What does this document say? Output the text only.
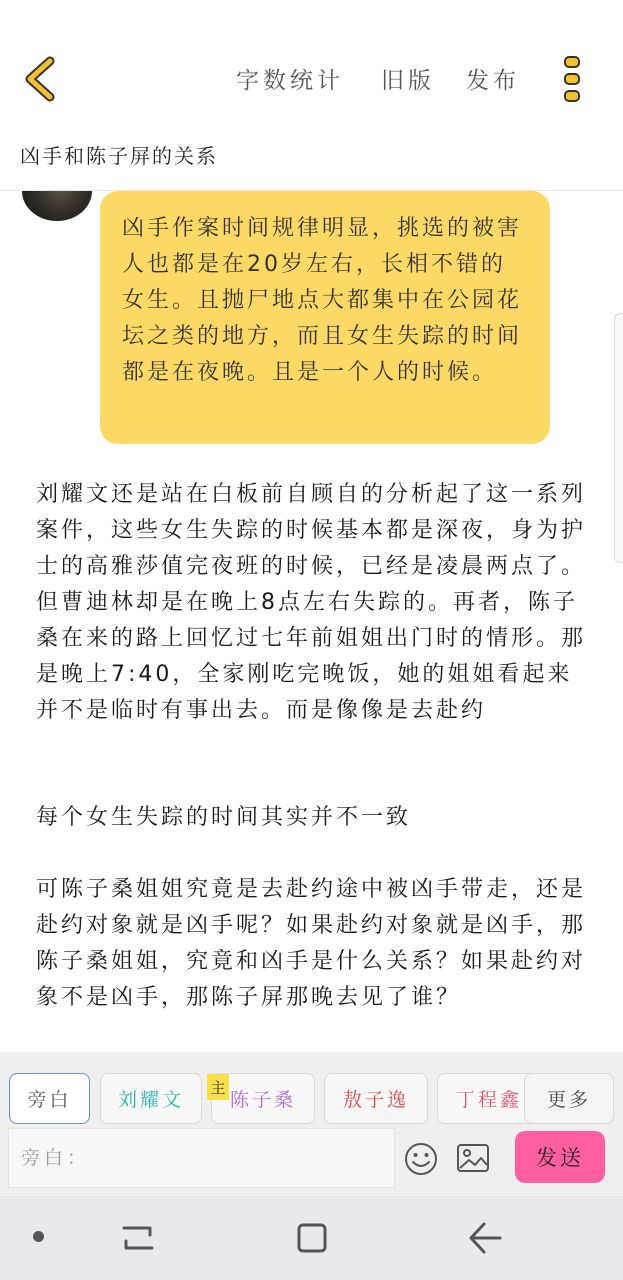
字数统计 旧版 发布
凶手和陈子屏的关系
凶手作案时间规律明显，挑选的被害人也都是在20岁左右，长相不错的女生。且抛尸地点大都集中在公园花坛之类的地方，而且女生失踪的时间都是在夜晚。且是一个人的时候。
刘耀文还是站在白板前自顾自的分析起了这一系列案件，这些女生失踪的时候基本都是深夜，身为护士的高雅莎值完夜班的时候，已经是凌晨两点了。但曹迪林却是在晚上8点左右失踪的。再者，陈子桑在来的路上回忆过七年前姐姐出门时的情形。那是晚上7:40，全家刚吃完晚饭，她的姐姐看起来并不是临时有事出去。而是像像是去赴约
每个女生失踪的时间其实并不一致
可陈子桑姐姐究竟是去赴约途中被凶手带走，还是赴约对象就是凶手呢？如果赴约对象就是凶手，那陈子桑姐姐，究竟和凶手是什么关系？如果赴约对象不是凶手，那陈子屏那晚去见了谁？
旁白 刘耀文 陈子桑
主
敖子逸 丁程鑫 更多
旁白：
发送
